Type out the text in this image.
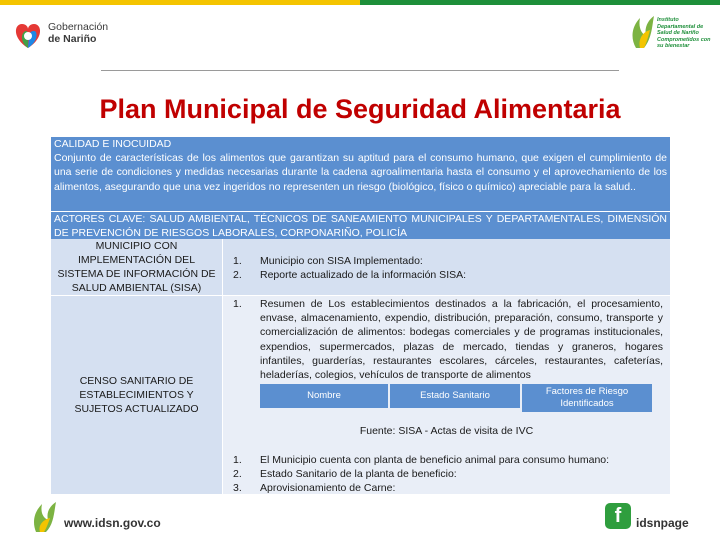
Gobernación
de Nariño
Instituto Departamental de Salud de Nariño Comprometidos con su bienestar
Plan Municipal de Seguridad Alimentaria
CALIDAD E INOCUIDAD
Conjunto de características de los alimentos que garantizan su aptitud para el consumo humano, que exigen el cumplimiento de una serie de condiciones y medidas necesarias durante la cadena agroalimentaria hasta el consumo y el aprovechamiento de los alimentos, asegurando que una vez ingeridos no representen un riesgo (biológico, físico o químico) apreciable para la salud..
ACTORES CLAVE: SALUD AMBIENTAL, TÉCNICOS DE SANEAMIENTO MUNICIPALES Y DEPARTAMENTALES, DIMENSIÓN DE PREVENCIÓN DE RIESGOS LABORALES, CORPONARIÑO, POLICÍA
MUNICIPIO CON IMPLEMENTACIÓN DEL SISTEMA DE INFORMACIÓN DE SALUD AMBIENTAL (SISA)
1. Municipio con SISA Implementado:
2. Reporte actualizado de la información SISA:
CENSO SANITARIO DE ESTABLECIMIENTOS Y SUJETOS ACTUALIZADO
1. Resumen de Los establecimientos destinados a la fabricación, el procesamiento, envase, almacenamiento, expendio, distribución, preparación, consumo, transporte y comercialización de alimentos: bodegas comerciales y de programas institucionales, expendios, supermercados, plazas de mercado, tiendas y graneros, hogares infantiles, guarderías, restaurantes escolares, cárceles, restaurantes, cafeterías, heladerías, colegios, vehículos de transporte de alimentos
Nombre	Estado Sanitario	Factores de Riesgo Identificados
Fuente: SISA - Actas de visita de IVC
1. El Municipio cuenta con planta de beneficio animal para consumo humano:
2. Estado Sanitario de la planta de beneficio:
3. Aprovisionamiento de Carne:
www.idsn.gov.co	f	idsnpage
